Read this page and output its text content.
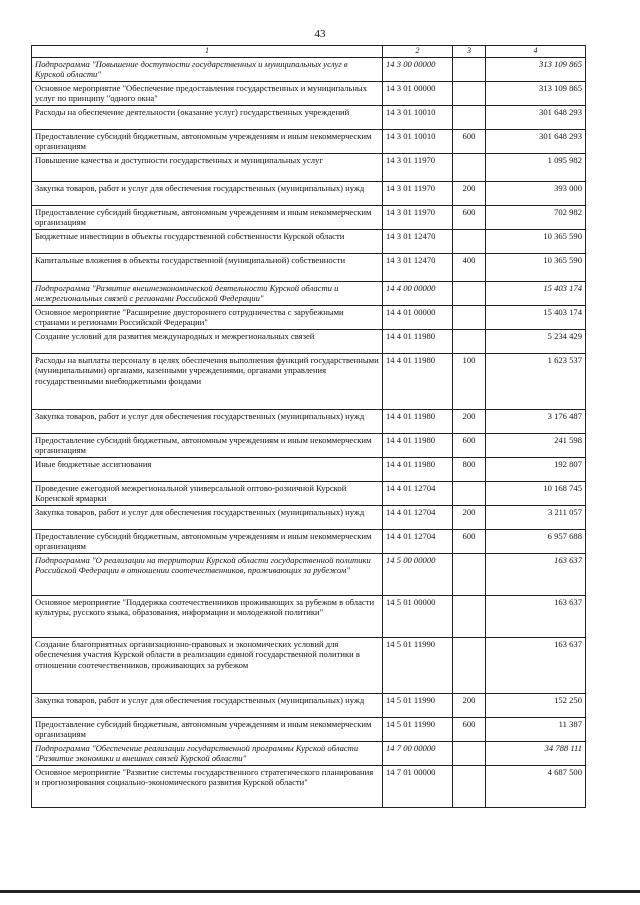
43
1	2	3	4
Подпрограмма "Повышение доступности государственных и муниципальных услуг в Курской области"	14 3 00 00000		313 109 865
Основное мероприятие "Обеспечение предоставления государственных и муниципальных услуг по принципу "одного окна"	14 3 01 00000		313 109 865
Расходы на обеспечение деятельности (оказание услуг) государственных учреждений	14 3 01 10010		301 648 293
Предоставление субсидий бюджетным, автономным учреждениям и иным некоммерческим организациям	14 3 01 10010	600	301 648 293
Повышение качества и доступности государственных и муниципальных услуг	14 3 01 11970		1 095 982
Закупка товаров, работ и услуг для обеспечения государственных (муниципальных) нужд	14 3 01 11970	200	393 000
Предоставление субсидий бюджетным, автономным учреждениям и иным некоммерческим организациям	14 3 01 11970	600	702 982
Бюджетные инвестиции в объекты государственной собственности Курской области	14 3 01 12470		10 365 590
Капитальные вложения в объекты государственной (муниципальной) собственности	14 3 01 12470	400	10 365 590
Подпрограмма "Развитие внешнеэкономической деятельности Курской области и межрегиональных связей с регионами Российской Федерации"	14 4 00 00000		15 403 174
Основное мероприятие "Расширение двустороннего сотрудничества с зарубежными странами и регионами Российской Федерации"	14 4 01 00000		15 403 174
Создание условий для развития международных и межрегиональных связей	14 4 01 11980		5 234 429
Расходы на выплаты персоналу в целях обеспечения выполнения функций государственными (муниципальными) органами, казенными учреждениями, органами управления государственными внебюджетными фондами	14 4 01 11980	100	1 623 537
Закупка товаров, работ и услуг для обеспечения государственных (муниципальных) нужд	14 4 01 11980	200	3 176 487
Предоставление субсидий бюджетным, автономным учреждениям и иным некоммерческим организациям	14 4 01 11980	600	241 598
Иные бюджетные ассигнования	14 4 01 11980	800	192 807
Проведение ежегодной межрегиональной универсальной оптово-розничной Курской Коренской ярмарки	14 4 01 12704		10 168 745
Закупка товаров, работ и услуг для обеспечения государственных (муниципальных) нужд	14 4 01 12704	200	3 211 057
Предоставление субсидий бюджетным, автономным учреждениям и иным некоммерческим организациям	14 4 01 12704	600	6 957 688
Подпрограмма "О реализации на территории Курской области государственной политики Российской Федерации в отношении соотечественников, проживающих за рубежом"	14 5 00 00000		163 637
Основное мероприятие "Поддержка соотечественников проживающих за рубежом в области культуры, русского языка, образования, информации и молодежной политики"	14 5 01 00000		163 637
Создание благоприятных организационно-правовых и экономических условий для обеспечения участия Курской области в реализации единой государственной политики в отношении соотечественников, проживающих за рубежом	14 5 01 11990		163 637
Закупка товаров, работ и услуг для обеспечения государственных (муниципальных) нужд	14 5 01 11990	200	152 250
Предоставление субсидий бюджетным, автономным учреждениям и иным некоммерческим организациям	14 5 01 11990	600	11 387
Подпрограмма "Обеспечение реализации государственной программы Курской области "Развитие экономики и внешних связей Курской области"	14 7 00 00000		34 788 111
Основное мероприятие "Развитие системы государственного стратегического планирования и прогнозирования социально-экономического развития Курской области"	14 7 01 00000		4 687 500
